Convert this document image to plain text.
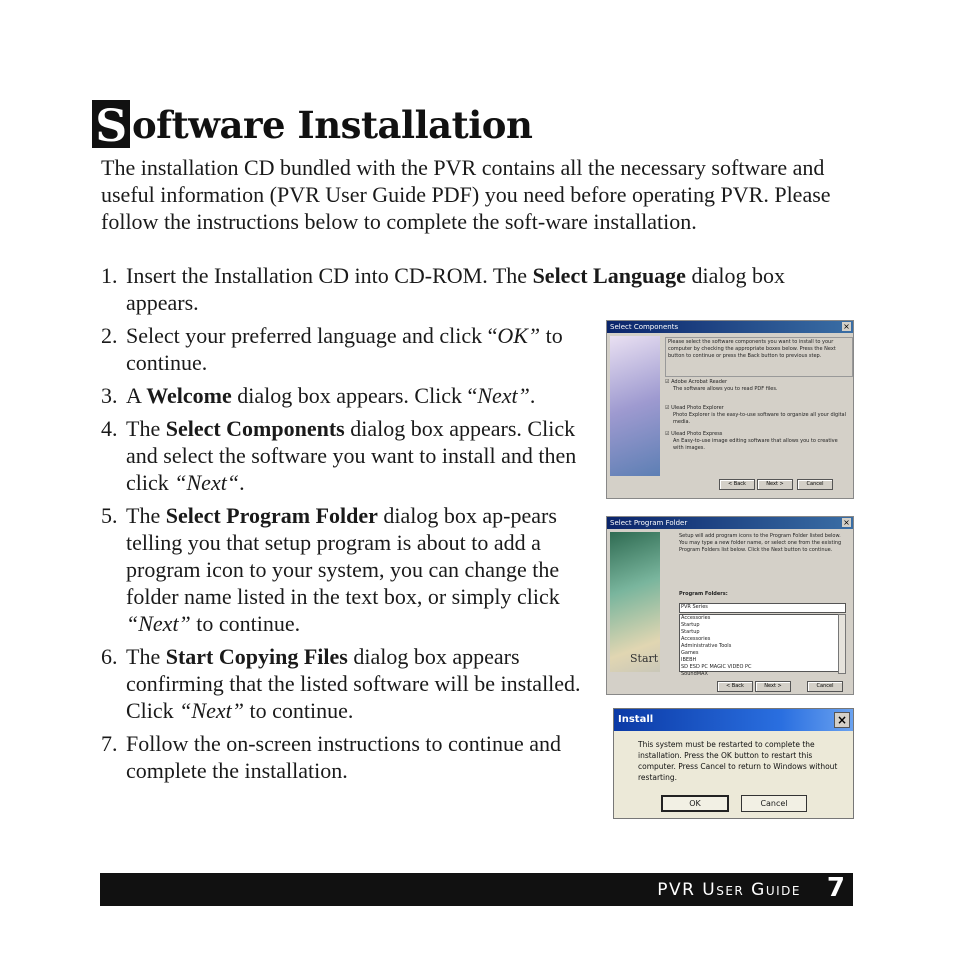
S oftware Installation

The installation CD bundled with the PVR contains all the necessary software and useful information (PVR User Guide PDF) you need before operating PVR. Please follow the instructions below to complete the soft-ware installation.

1. Insert the Installation CD into CD-ROM. The Select Language dialog box appears.
2. Select your preferred language and click “OK” to continue.
3. A Welcome dialog box appears. Click “Next”.
4. The Select Components dialog box appears. Click and select the software you want to install and then click “Next“.
5. The Select Program Folder dialog box ap-pears telling you that setup program is about to add a program icon to your system, you can change the folder name listed in the text box, or simply click “Next” to continue.
6. The Start Copying Files dialog box appears confirming that the listed software will be installed. Click “Next” to continue.
7. Follow the on-screen instructions to continue and complete the installation.
Select Components	×
Please select the software components you want to install to your computer by checking the appropriate boxes below. Press the Next button to continue or press the Back button to previous step.
☑ Adobe Acrobat Reader
The software allows you to read PDF files.
☑ Ulead Photo Explorer
Photo Explorer is the easy-to-use software to organize all your digital media.
☑ Ulead Photo Express
An Easy-to-use image editing software that allows you to creative with images.
< Back	Next >	Cancel
Select Program Folder	×
Start
Setup will add program icons to the Program Folder listed below. You may type a new folder name, or select one from the existing Program Folders list below. Click the Next button to continue.
Program Folders:
PVR Series
Accessories
Startup
Startup
Accessories
Administrative Tools
Games
IBEBH
SD ESD PC MAGIC VIDEO PC
SoundMAX
< Back	Next >	Cancel
Install	×
This system must be restarted to complete the installation. Press the OK button to restart this computer. Press Cancel to return to Windows without restarting.
OK	Cancel
PVR User Guide 7
